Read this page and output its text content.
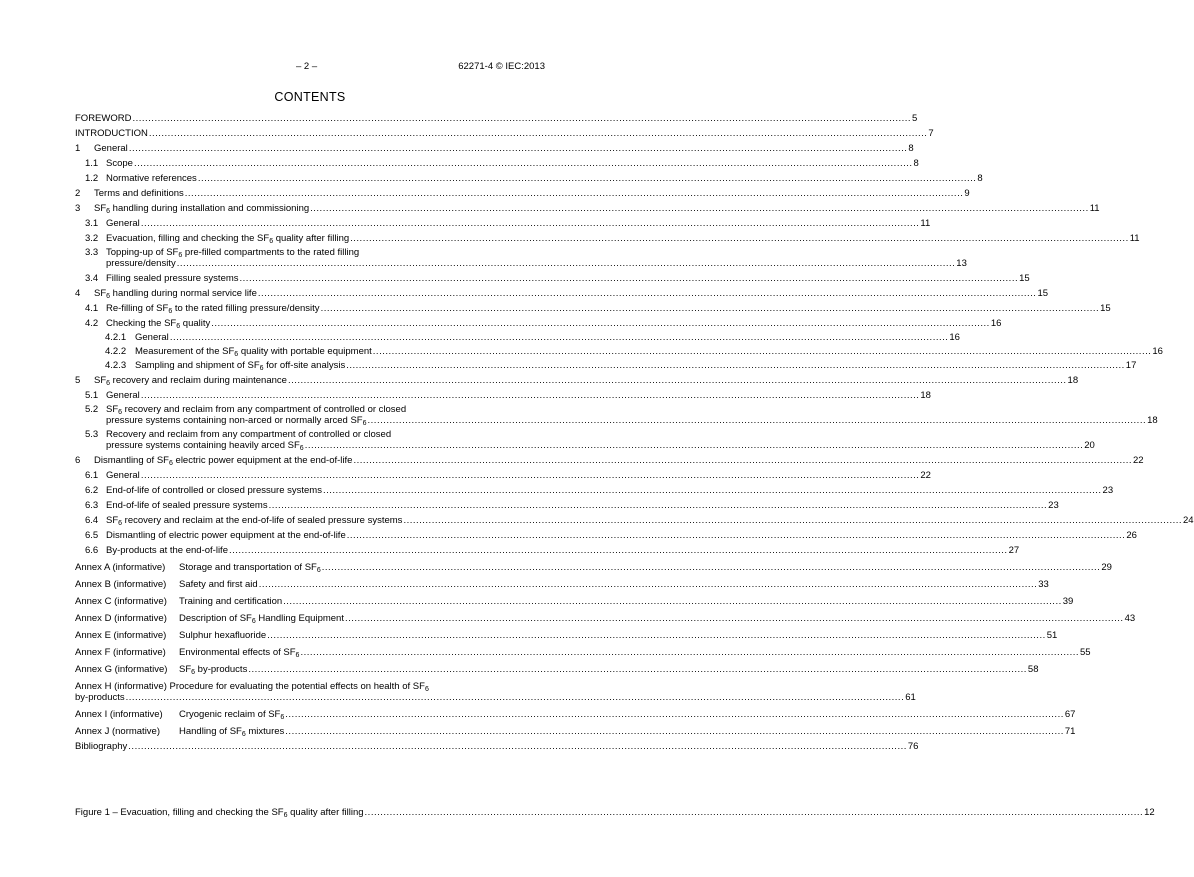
– 2 –	62271-4 © IEC:2013
CONTENTS
FOREWORD .....	5
INTRODUCTION .....	7
1	General .....	8
1.1 Scope .....	8
1.2 Normative references .....	8
2	Terms and definitions .....	9
3	$SF_6$ handling during installation and commissioning .....	11
3.1 General .....	11
3.2 Evacuation, filling and checking the $SF_6$ quality after filling .....	11
3.3 Topping-up of $SF_6$ pre-filled compartments to the rated filling
pressure/density .....	13
3.4 Filling sealed pressure systems .....	15
4	$SF_6$ handling during normal service life .....	15
4.1 Re-filling of $SF_6$ to the rated filling pressure/density .....	15
4.2 Checking the $SF_6$ quality .....	16
4.2.1 General .....	16
4.2.2 Measurement of the $SF_6$ quality with portable equipment .....	16
4.2.3 Sampling and shipment of $SF_6$ for off-site analysis .....	17
5	$SF_6$ recovery and reclaim during maintenance .....	18
5.1 General .....	18
5.2 $SF_6$ recovery and reclaim from any compartment of controlled or closed
pressure systems containing non-arced or normally arced $SF_6$ .....	18
5.3 Recovery and reclaim from any compartment of controlled or closed
pressure systems containing heavily arced $SF_6$ .....	20
6	Dismantling of $SF_6$ electric power equipment at the end-of-life .....	22
6.1 General .....	22
6.2 End-of-life of controlled or closed pressure systems .....	23
6.3 End-of-life of sealed pressure systems .....	23
6.4 $SF_6$ recovery and reclaim at the end-of-life of sealed pressure systems .....	24
6.5 Dismantling of electric power equipment at the end-of-life .....	26
6.6 By-products at the end-of-life .....	27
Annex A (informative)	Storage and transportation of $SF_6$ .....	29
Annex B (informative)	Safety and first aid .....	33
Annex C (informative)	Training and certification .....	39
Annex D (informative)	Description of $SF_6$ Handling Equipment .....	43
Annex E (informative)	Sulphur hexafluoride .....	51
Annex F (informative)	Environmental effects of $SF_6$ .....	55
Annex G (informative)	$SF_6$ by-products .....	58
Annex H (informative) Procedure for evaluating the potential effects on health of $SF_6$
by-products .....	61
Annex I (informative)	Cryogenic reclaim of $SF_6$ .....	67
Annex J (normative)	Handling of $SF_6$ mixtures .....	71
Bibliography .....	76
Figure 1 – Evacuation, filling and checking the $SF_6$ quality after filling .....	12
